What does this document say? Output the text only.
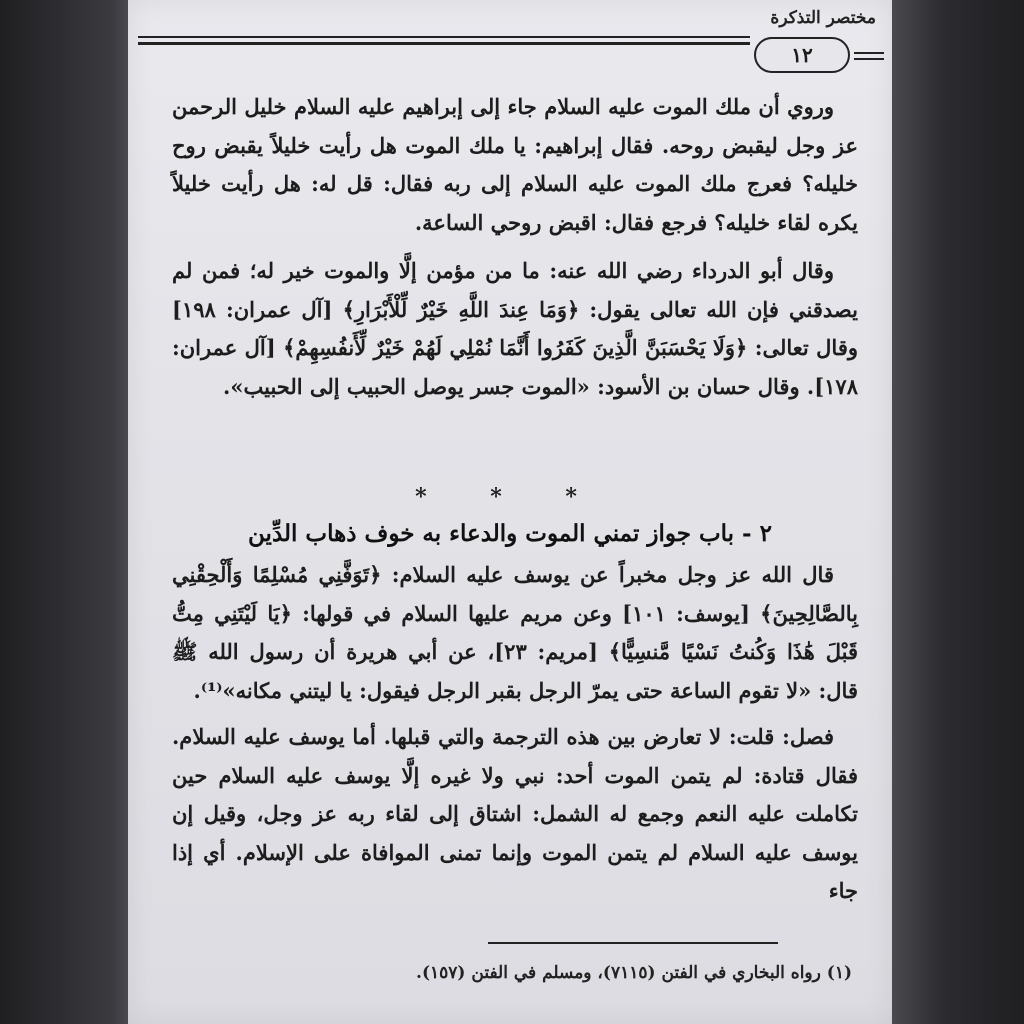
مختصر التذكرة
١٢

وروي أن ملك الموت عليه السلام جاء إلى إبراهيم عليه السلام خليل الرحمن عز وجل ليقبض روحه. فقال إبراهيم: يا ملك الموت هل رأيت خليلاً يقبض روح خليله؟ فعرج ملك الموت عليه السلام إلى ربه فقال: قل له: هل رأيت خليلاً يكره لقاء خليله؟ فرجع فقال: اقبض روحي الساعة.

وقال أبو الدرداء رضي الله عنه: ما من مؤمن إلَّا والموت خير له؛ فمن لم يصدقني فإن الله تعالى يقول: ﴿وَمَا عِندَ اللَّهِ خَيْرٌ لِّلْأَبْرَارِ﴾ [آل عمران: ١٩٨] وقال تعالى: ﴿وَلَا يَحْسَبَنَّ الَّذِينَ كَفَرُوا أَنَّمَا نُمْلِي لَهُمْ خَيْرٌ لِّأَنفُسِهِمْ﴾ [آل عمران: ١٧٨]. وقال حسان بن الأسود: «الموت جسر يوصل الحبيب إلى الحبيب».

* * *
٢ - باب جواز تمني الموت والدعاء به خوف ذهاب الدِّين

قال الله عز وجل مخبراً عن يوسف عليه السلام: ﴿تَوَفَّنِي مُسْلِمًا وَأَلْحِقْنِي بِالصَّالِحِينَ﴾ [يوسف: ١٠١] وعن مريم عليها السلام في قولها: ﴿يَا لَيْتَنِي مِتُّ قَبْلَ هَٰذَا وَكُنتُ نَسْيًا مَّنسِيًّا﴾ [مريم: ٢٣]، عن أبي هريرة أن رسول الله ﷺ قال: «لا تقوم الساعة حتى يمرّ الرجل بقبر الرجل فيقول: يا ليتني مكانه»⁽¹⁾.

فصل: قلت: لا تعارض بين هذه الترجمة والتي قبلها. أما يوسف عليه السلام. فقال قتادة: لم يتمن الموت أحد: نبي ولا غيره إلَّا يوسف عليه السلام حين تكاملت عليه النعم وجمع له الشمل: اشتاق إلى لقاء ربه عز وجل، وقيل إن يوسف عليه السلام لم يتمن الموت وإنما تمنى الموافاة على الإسلام. أي إذا جاء

(١) رواه البخاري في الفتن (٧١١٥)، ومسلم في الفتن (١٥٧).
